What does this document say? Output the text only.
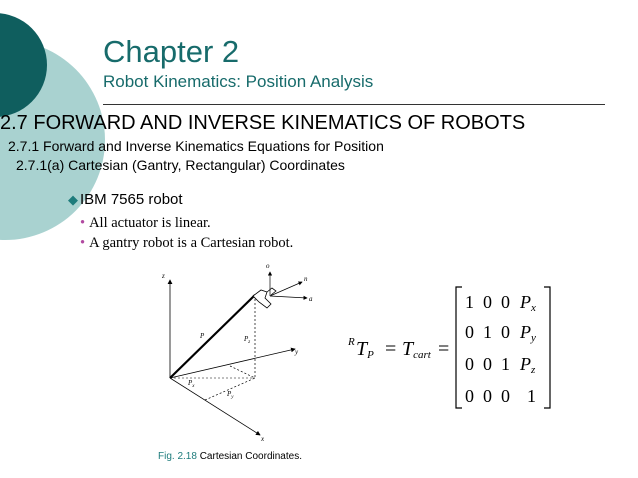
Chapter 2
Robot Kinematics: Position Analysis
2.7 FORWARD AND INVERSE KINEMATICS OF ROBOTS
2.7.1 Forward and Inverse Kinematics Equations for Position
2.7.1(a) Cartesian (Gantry, Rectangular) Coordinates
◆ IBM 7565 robot
• All actuator is linear.
• A gantry robot is a Cartesian robot.
z
y
x
P	$P_z$
$P_x$
$P_y$
o
n
a
Fig. 2.18 Cartesian Coordinates.
R TP = Tcart =
1 0 0 Px
0 1 0 Py
0 0 1 Pz
0 0 0 1
